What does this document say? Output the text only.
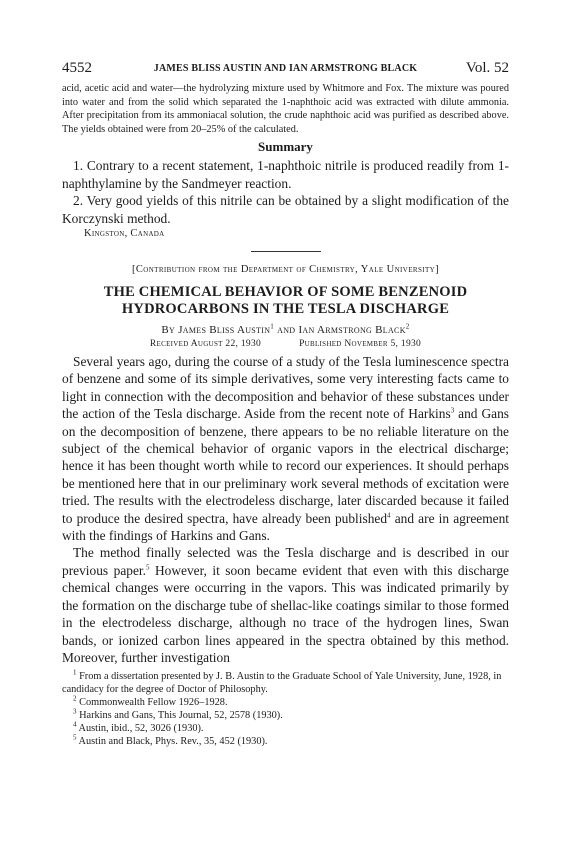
4552	JAMES BLISS AUSTIN AND IAN ARMSTRONG BLACK	Vol. 52

acid, acetic acid and water—the hydrolyzing mixture used by Whitmore and Fox. The mixture was poured into water and from the solid which separated the 1-naphthoic acid was extracted with dilute ammonia. After precipitation from its ammoniacal solution, the crude naphthoic acid was purified as described above. The yields obtained were from 20–25% of the calculated.

Summary

1. Contrary to a recent statement, 1-naphthoic nitrile is produced readily from 1-naphthylamine by the Sandmeyer reaction.

2. Very good yields of this nitrile can be obtained by a slight modification of the Korczynski method.

Kingston, Canada
[Contribution from the Department of Chemistry, Yale University]
THE CHEMICAL BEHAVIOR OF SOME BENZENOID HYDROCARBONS IN THE TESLA DISCHARGE
By James Bliss Austin$^1$ and Ian Armstrong Black$^2$
Received August 22, 1930	Published November 5, 1930

Several years ago, during the course of a study of the Tesla luminescence spectra of benzene and some of its simple derivatives, some very interesting facts came to light in connection with the decomposition and behavior of these substances under the action of the Tesla discharge. Aside from the recent note of Harkins$^3$ and Gans on the decomposition of benzene, there appears to be no reliable literature on the subject of the chemical behavior of organic vapors in the electrical discharge; hence it has been thought worth while to record our experiences. It should perhaps be mentioned here that in our preliminary work several methods of excitation were tried. The results with the electrodeless discharge, later discarded because it failed to produce the desired spectra, have already been published$^4$ and are in agreement with the findings of Harkins and Gans.

The method finally selected was the Tesla discharge and is described in our previous paper.$^5$ However, it soon became evident that even with this discharge chemical changes were occurring in the vapors. This was indicated primarily by the formation on the discharge tube of shellac-like coatings similar to those formed in the electrodeless discharge, although no trace of the hydrogen lines, Swan bands, or ionized carbon lines appeared in the spectra obtained by this method. Moreover, further investigation

$^1$ From a dissertation presented by J. B. Austin to the Graduate School of Yale University, June, 1928, in candidacy for the degree of Doctor of Philosophy.

$^2$ Commonwealth Fellow 1926–1928.

$^3$ Harkins and Gans, This Journal, 52, 2578 (1930).

$^4$ Austin, ibid., 52, 3026 (1930).

$^5$ Austin and Black, Phys. Rev., 35, 452 (1930).
